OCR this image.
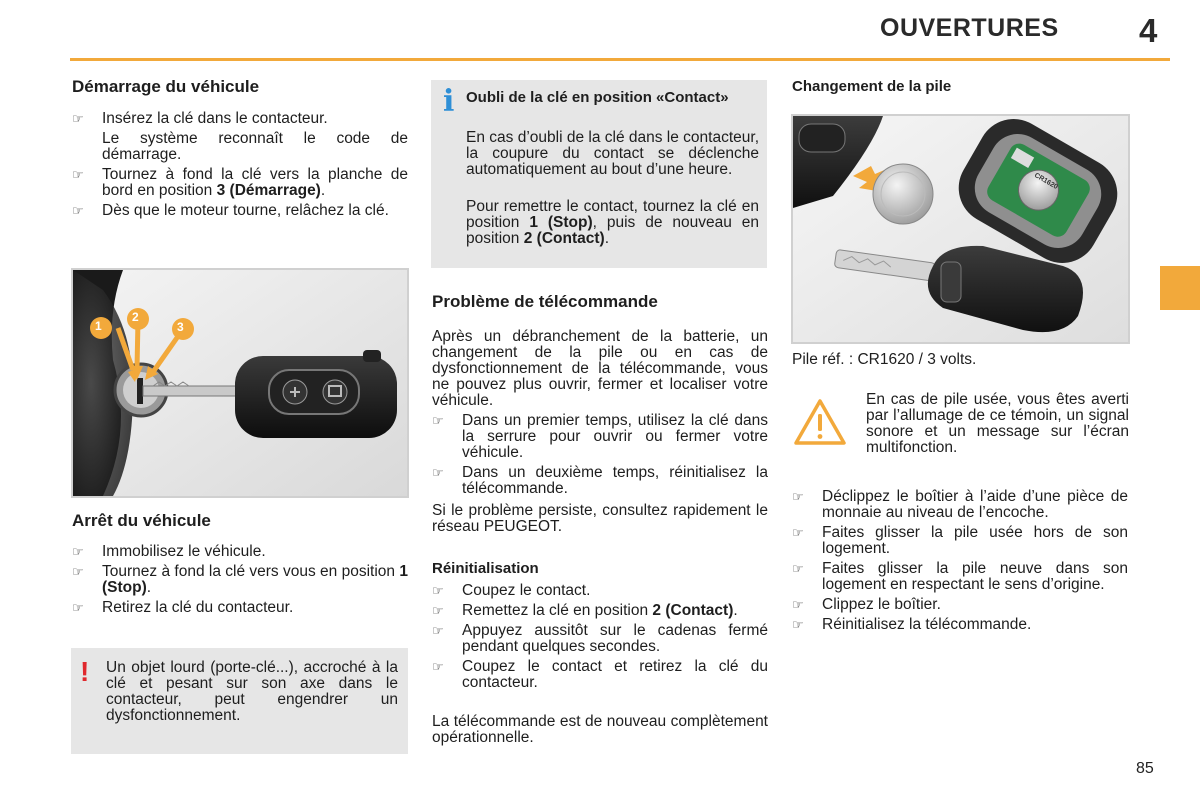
OUVERTURES 4
Démarrage du véhicule
☞ Insérez la clé dans le contacteur.
Le système reconnaît le code de démarrage.
☞ Tournez à fond la clé vers la planche de bord en position 3 (Démarrage).
☞ Dès que le moteur tourne, relâchez la clé.
1
2
3
Arrêt du véhicule
☞ Immobilisez le véhicule.
☞ Tournez à fond la clé vers vous en position 1 (Stop).
☞ Retirez la clé du contacteur.
! Un objet lourd (porte-clé...), accroché à la clé et pesant sur son axe dans le contacteur, peut engendrer un dysfonctionnement.
i Oubli de la clé en position «Contact»
En cas d’oubli de la clé dans le contacteur, la coupure du contact se déclenche automatiquement au bout d’une heure.
Pour remettre le contact, tournez la clé en position 1 (Stop), puis de nouveau en position 2 (Contact).
Problème de télécommande
Après un débranchement de la batterie, un changement de la pile ou en cas de dysfonctionnement de la télécommande, vous ne pouvez plus ouvrir, fermer et localiser votre véhicule.
☞ Dans un premier temps, utilisez la clé dans la serrure pour ouvrir ou fermer votre véhicule.
☞ Dans un deuxième temps, réinitialisez la télécommande.
Si le problème persiste, consultez rapidement le réseau PEUGEOT.
Réinitialisation
☞ Coupez le contact.
☞ Remettez la clé en position 2 (Contact).
☞ Appuyez aussitôt sur le cadenas fermé pendant quelques secondes.
☞ Coupez le contact et retirez la clé du contacteur.
La télécommande est de nouveau complètement opérationnelle.
Changement de la pile
CR1620
Pile réf. : CR1620 / 3 volts.
En cas de pile usée, vous êtes averti par l’allumage de ce témoin, un signal sonore et un message sur l’écran multifonction.
☞ Déclippez le boîtier à l’aide d’une pièce de monnaie au niveau de l’encoche.
☞ Faites glisser la pile usée hors de son logement.
☞ Faites glisser la pile neuve dans son logement en respectant le sens d’origine.
☞ Clippez le boîtier.
☞ Réinitialisez la télécommande.
85
